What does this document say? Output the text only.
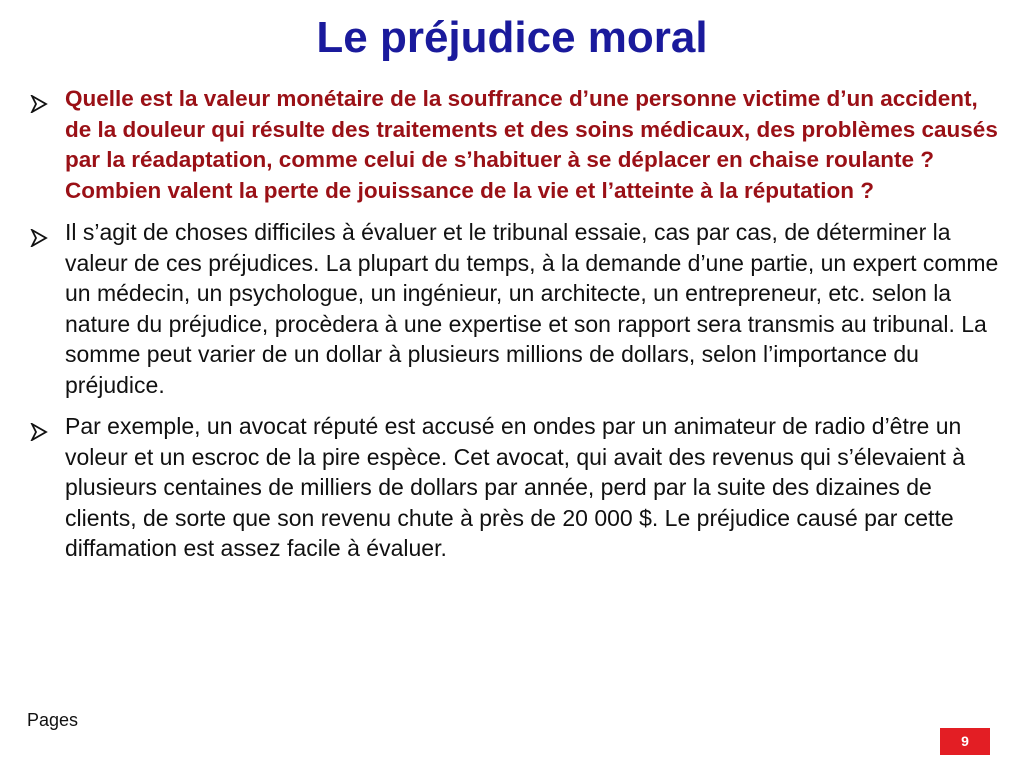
Le préjudice moral
Quelle est la valeur monétaire de la souffrance d’une personne victime d’un accident, de la douleur qui résulte des traitements et des soins médicaux, des problèmes causés par la réadaptation, comme celui de s’habituer à se déplacer en chaise roulante ? Combien valent la perte de jouissance de la vie et l’atteinte à la réputation ?
Il s’agit de choses difficiles à évaluer et le tribunal essaie, cas par cas, de déterminer la valeur de ces préjudices. La plupart du temps, à la demande d’une partie, un expert comme un médecin, un psychologue, un ingénieur, un architecte, un entrepreneur, etc. selon la nature du préjudice, procèdera à une expertise et son rapport sera transmis au tribunal. La somme peut varier de un dollar à plusieurs millions de dollars, selon l’importance du préjudice.
Par exemple, un avocat réputé est accusé en ondes par un animateur de radio d’être un voleur et un escroc de la pire espèce. Cet avocat, qui avait des revenus qui s’élevaient à plusieurs centaines de milliers de dollars par année, perd par la suite des dizaines de clients, de sorte que son revenu chute à près de 20 000 $. Le préjudice causé par cette diffamation est assez facile à évaluer.
Pages
9
